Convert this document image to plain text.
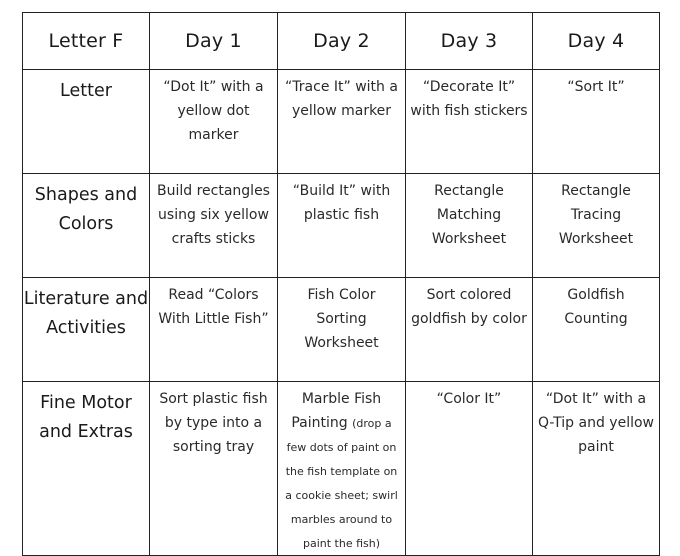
Letter F	Day 1	Day 2	Day 3	Day 4
Letter	“Dot It” with a yellow dot marker	“Trace It” with a yellow marker	“Decorate It” with fish stickers	“Sort It”
Shapes and Colors	Build rectangles using six yellow crafts sticks	“Build It” with plastic fish	Rectangle Matching Worksheet	Rectangle Tracing Worksheet
Literature and Activities	Read “Colors With Little Fish”	Fish Color Sorting Worksheet	Sort colored goldfish by color	Goldfish Counting
Fine Motor and Extras	Sort plastic fish by type into a sorting tray	Marble Fish Painting (drop a few dots of paint on the fish template on a cookie sheet; swirl marbles around to paint the fish)	“Color It”	“Dot It” with a Q-Tip and yellow paint
